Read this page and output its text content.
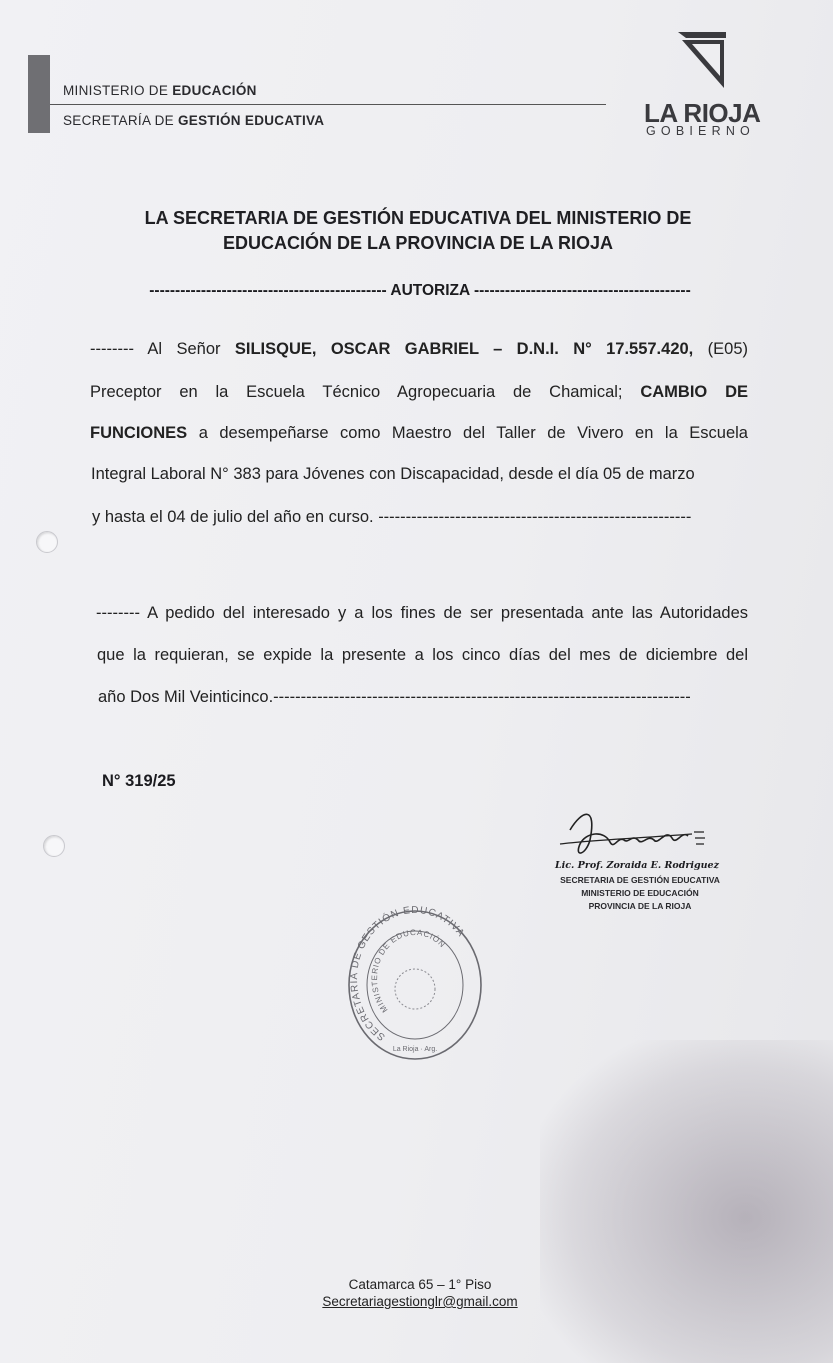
MINISTERIO DE EDUCACIÓN
SECRETARÍA DE GESTIÓN EDUCATIVA	LA RIOJA
GOBIERNO
LA SECRETARIA DE GESTIÓN EDUCATIVA DEL MINISTERIO DE
EDUCACIÓN DE LA PROVINCIA DE LA RIOJA
---------------------------------------------- AUTORIZA ------------------------------------------
-------- Al Señor SILISQUE, OSCAR GABRIEL – D.N.I. N° 17.557.420, (E05)
Preceptor en la Escuela Técnico Agropecuaria de Chamical; CAMBIO DE
FUNCIONES a desempeñarse como Maestro del Taller de Vivero en la Escuela
Integral Laboral N° 383 para Jóvenes con Discapacidad, desde el día 05 de marzo
y hasta el 04 de julio del año en curso. ---------------------------------------------------------
-------- A pedido del interesado y a los fines de ser presentada ante las Autoridades
que la requieran, se expide la presente a los cinco días del mes de diciembre del
año Dos Mil Veinticinco.----------------------------------------------------------------------------
N° 319/25
Lic. Prof. Zoraida E. Rodriguez
SECRETARIA DE GESTIÓN EDUCATIVA
MINISTERIO DE EDUCACIÓN
PROVINCIA DE LA RIOJA
SECRETARIA DE GESTIÓN EDUCATIVA
MINISTERIO DE EDUCACIÓN
La Rioja · Arg.
Catamarca 65 – 1° Piso
Secretariagestionglr@gmail.com
